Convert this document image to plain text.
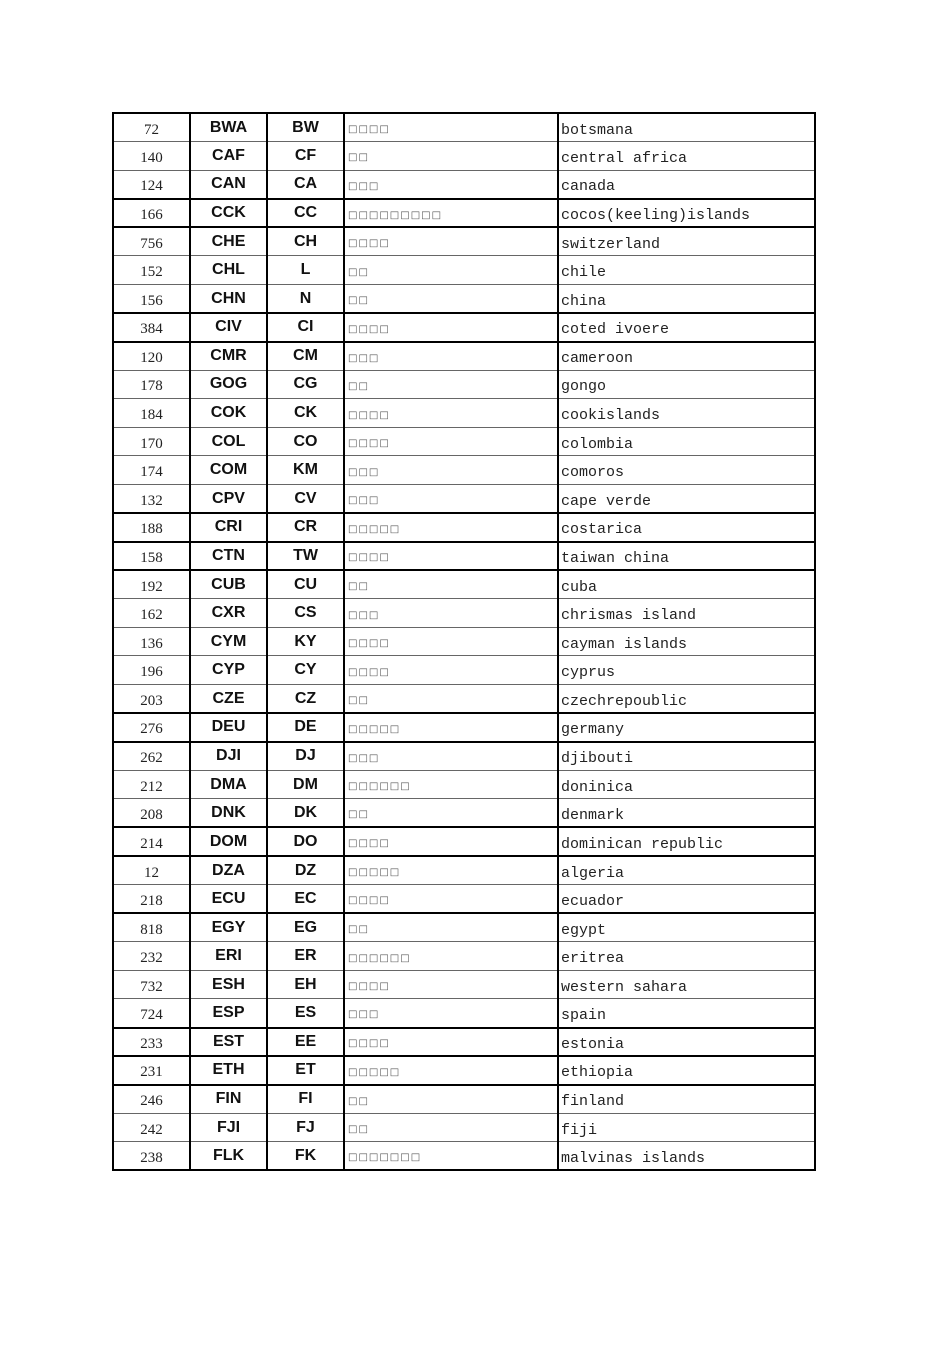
72	BWA	BW	□□□□	botsmana
140	CAF	CF	□□	central africa
124	CAN	CA	□□□	canada
166	CCK	CC	□□□□□□□□□	cocos(keeling)islands
756	CHE	CH	□□□□	switzerland
152	CHL	L	□□	chile
156	CHN	N	□□	china
384	CIV	CI	□□□□	coted ivoere
120	CMR	CM	□□□	cameroon
178	GOG	CG	□□	gongo
184	COK	CK	□□□□	cookislands
170	COL	CO	□□□□	colombia
174	COM	KM	□□□	comoros
132	CPV	CV	□□□	cape verde
188	CRI	CR	□□□□□	costarica
158	CTN	TW	□□□□	taiwan china
192	CUB	CU	□□	cuba
162	CXR	CS	□□□	chrismas island
136	CYM	KY	□□□□	cayman islands
196	CYP	CY	□□□□	cyprus
203	CZE	CZ	□□	czechrepoublic
276	DEU	DE	□□□□□	germany
262	DJI	DJ	□□□	djibouti
212	DMA	DM	□□□□□□	doninica
208	DNK	DK	□□	denmark
214	DOM	DO	□□□□	dominican republic
12	DZA	DZ	□□□□□	algeria
218	ECU	EC	□□□□	ecuador
818	EGY	EG	□□	egypt
232	ERI	ER	□□□□□□	eritrea
732	ESH	EH	□□□□	western sahara
724	ESP	ES	□□□	spain
233	EST	EE	□□□□	estonia
231	ETH	ET	□□□□□	ethiopia
246	FIN	FI	□□	finland
242	FJI	FJ	□□	fiji
238	FLK	FK	□□□□□□□	malvinas islands
